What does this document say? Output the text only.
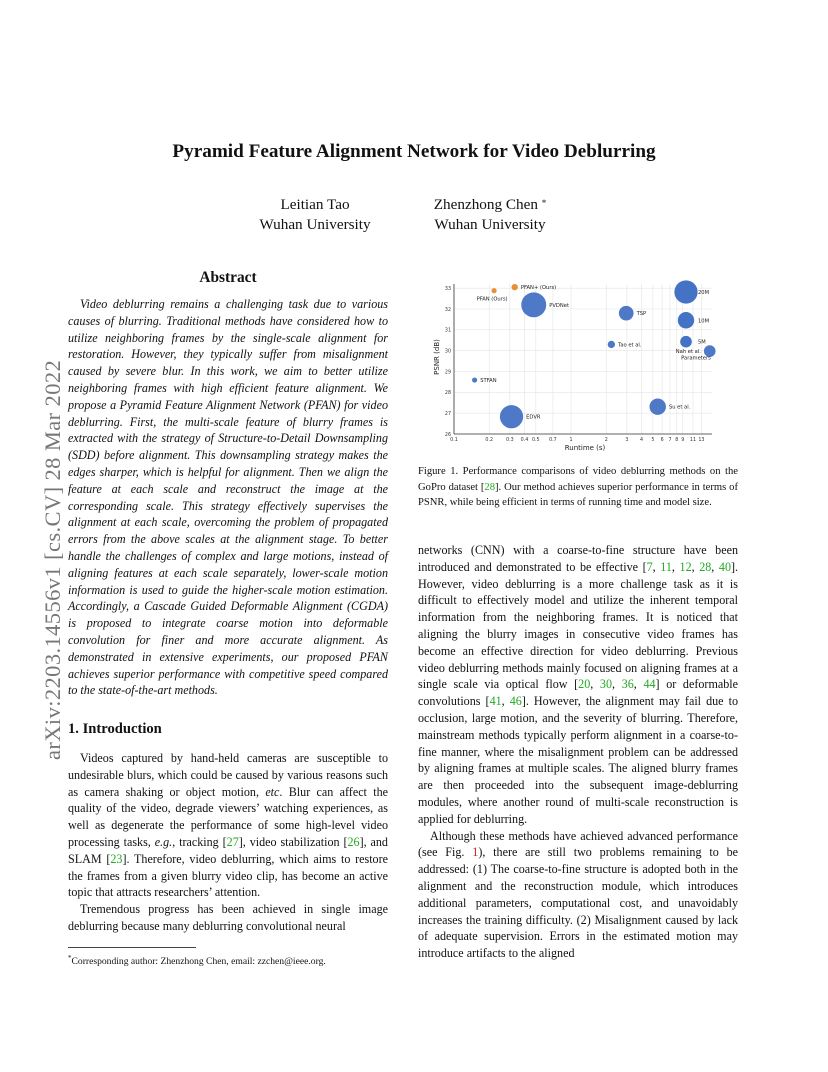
arXiv:2203.14556v1 [cs.CV] 28 Mar 2022
Pyramid Feature Alignment Network for Video Deblurring
Leitian Tao
Wuhan University
Zhenzhong Chen *
Wuhan University
Abstract

Video deblurring remains a challenging task due to various causes of blurring. Traditional methods have considered how to utilize neighboring frames by the single-scale alignment for restoration. However, they typically suffer from misalignment caused by severe blur. In this work, we aim to better utilize neighboring frames with high efficient feature alignment. We propose a Pyramid Feature Alignment Network (PFAN) for video deblurring. First, the multi-scale feature of blurry frames is extracted with the strategy of Structure-to-Detail Downsampling (SDD) before alignment. This downsampling strategy makes the edges sharper, which is helpful for alignment. Then we align the feature at each scale and reconstruct the image at the corresponding scale. This strategy effectively supervises the alignment at each scale, overcoming the problem of propagated errors from the above scales at the alignment stage. To better handle the challenges of complex and large motions, instead of aligning features at each scale separately, lower-scale motion information is used to guide the higher-scale motion estimation. Accordingly, a Cascade Guided Deformable Alignment (CGDA) is proposed to integrate coarse motion into deformable convolution for finer and more accurate alignment. As demonstrated in extensive experiments, our proposed PFAN achieves superior performance with competitive speed compared to the state-of-the-art methods.

1. Introduction

Videos captured by hand-held cameras are susceptible to undesirable blurs, which could be caused by various reasons such as camera shaking or object motion, etc. Blur can affect the quality of the video, degrade viewers’ watching experiences, as well as degenerate the performance of some high-level video processing tasks, e.g., tracking [27], video stabilization [26], and SLAM [23]. Therefore, video deblurring, which aims to restore the frames from a given blurry video clip, has become an active topic that attracts researchers’ attention.

Tremendous progress has been achieved in single image deblurring because many deblurring convolutional neural

*Corresponding author: Zhenzhong Chen, email: zzchen@ieee.org.
0.1	0.2	0.3 0.4 0.5 0.7	1	2	3 4 5 6 7 8 9 11 13
26
27
28
29
30
31
32
33
PFAN (Ours)
PFAN+ (Ours)
PVDNet
TSP
Tao et al.
Nah et al.
STFAN
EDVR
Su et al.
20M
10M
5M
Parameters
Runtime (s)
PSNR (dB)
Figure 1. Performance comparisons of video deblurring methods on the GoPro dataset [28]. Our method achieves superior performance in terms of PSNR, while being efficient in terms of running time and model size.

networks (CNN) with a coarse-to-fine structure have been introduced and demonstrated to be effective [7, 11, 12, 28, 40]. However, video deblurring is a more challenge task as it is difficult to effectively model and utilize the inherent temporal information from the neighboring frames. It is noticed that aligning the blurry images in consecutive video frames has become an effective direction for video deblurring. Previous video deblurring methods mainly focused on aligning frames at a single scale via optical flow [20, 30, 36, 44] or deformable convolutions [41, 46]. However, the alignment may fail due to occlusion, large motion, and the severity of blurring. Therefore, mainstream methods typically perform alignment in a coarse-to-fine manner, where the misalignment problem can be addressed by aligning frames at multiple scales. The aligned blurry frames are then proceeded into the subsequent image-deblurring modules, where another round of multi-scale reconstruction is applied for deblurring.

Although these methods have achieved advanced performance (see Fig. 1), there are still two problems remaining to be addressed: (1) The coarse-to-fine structure is adopted both in the alignment and the reconstruction module, which introduces additional parameters, computational cost, and unavoidably increases the training difficulty. (2) Misalignment caused by lack of adequate supervision. Errors in the estimated motion may introduce artifacts to the aligned
